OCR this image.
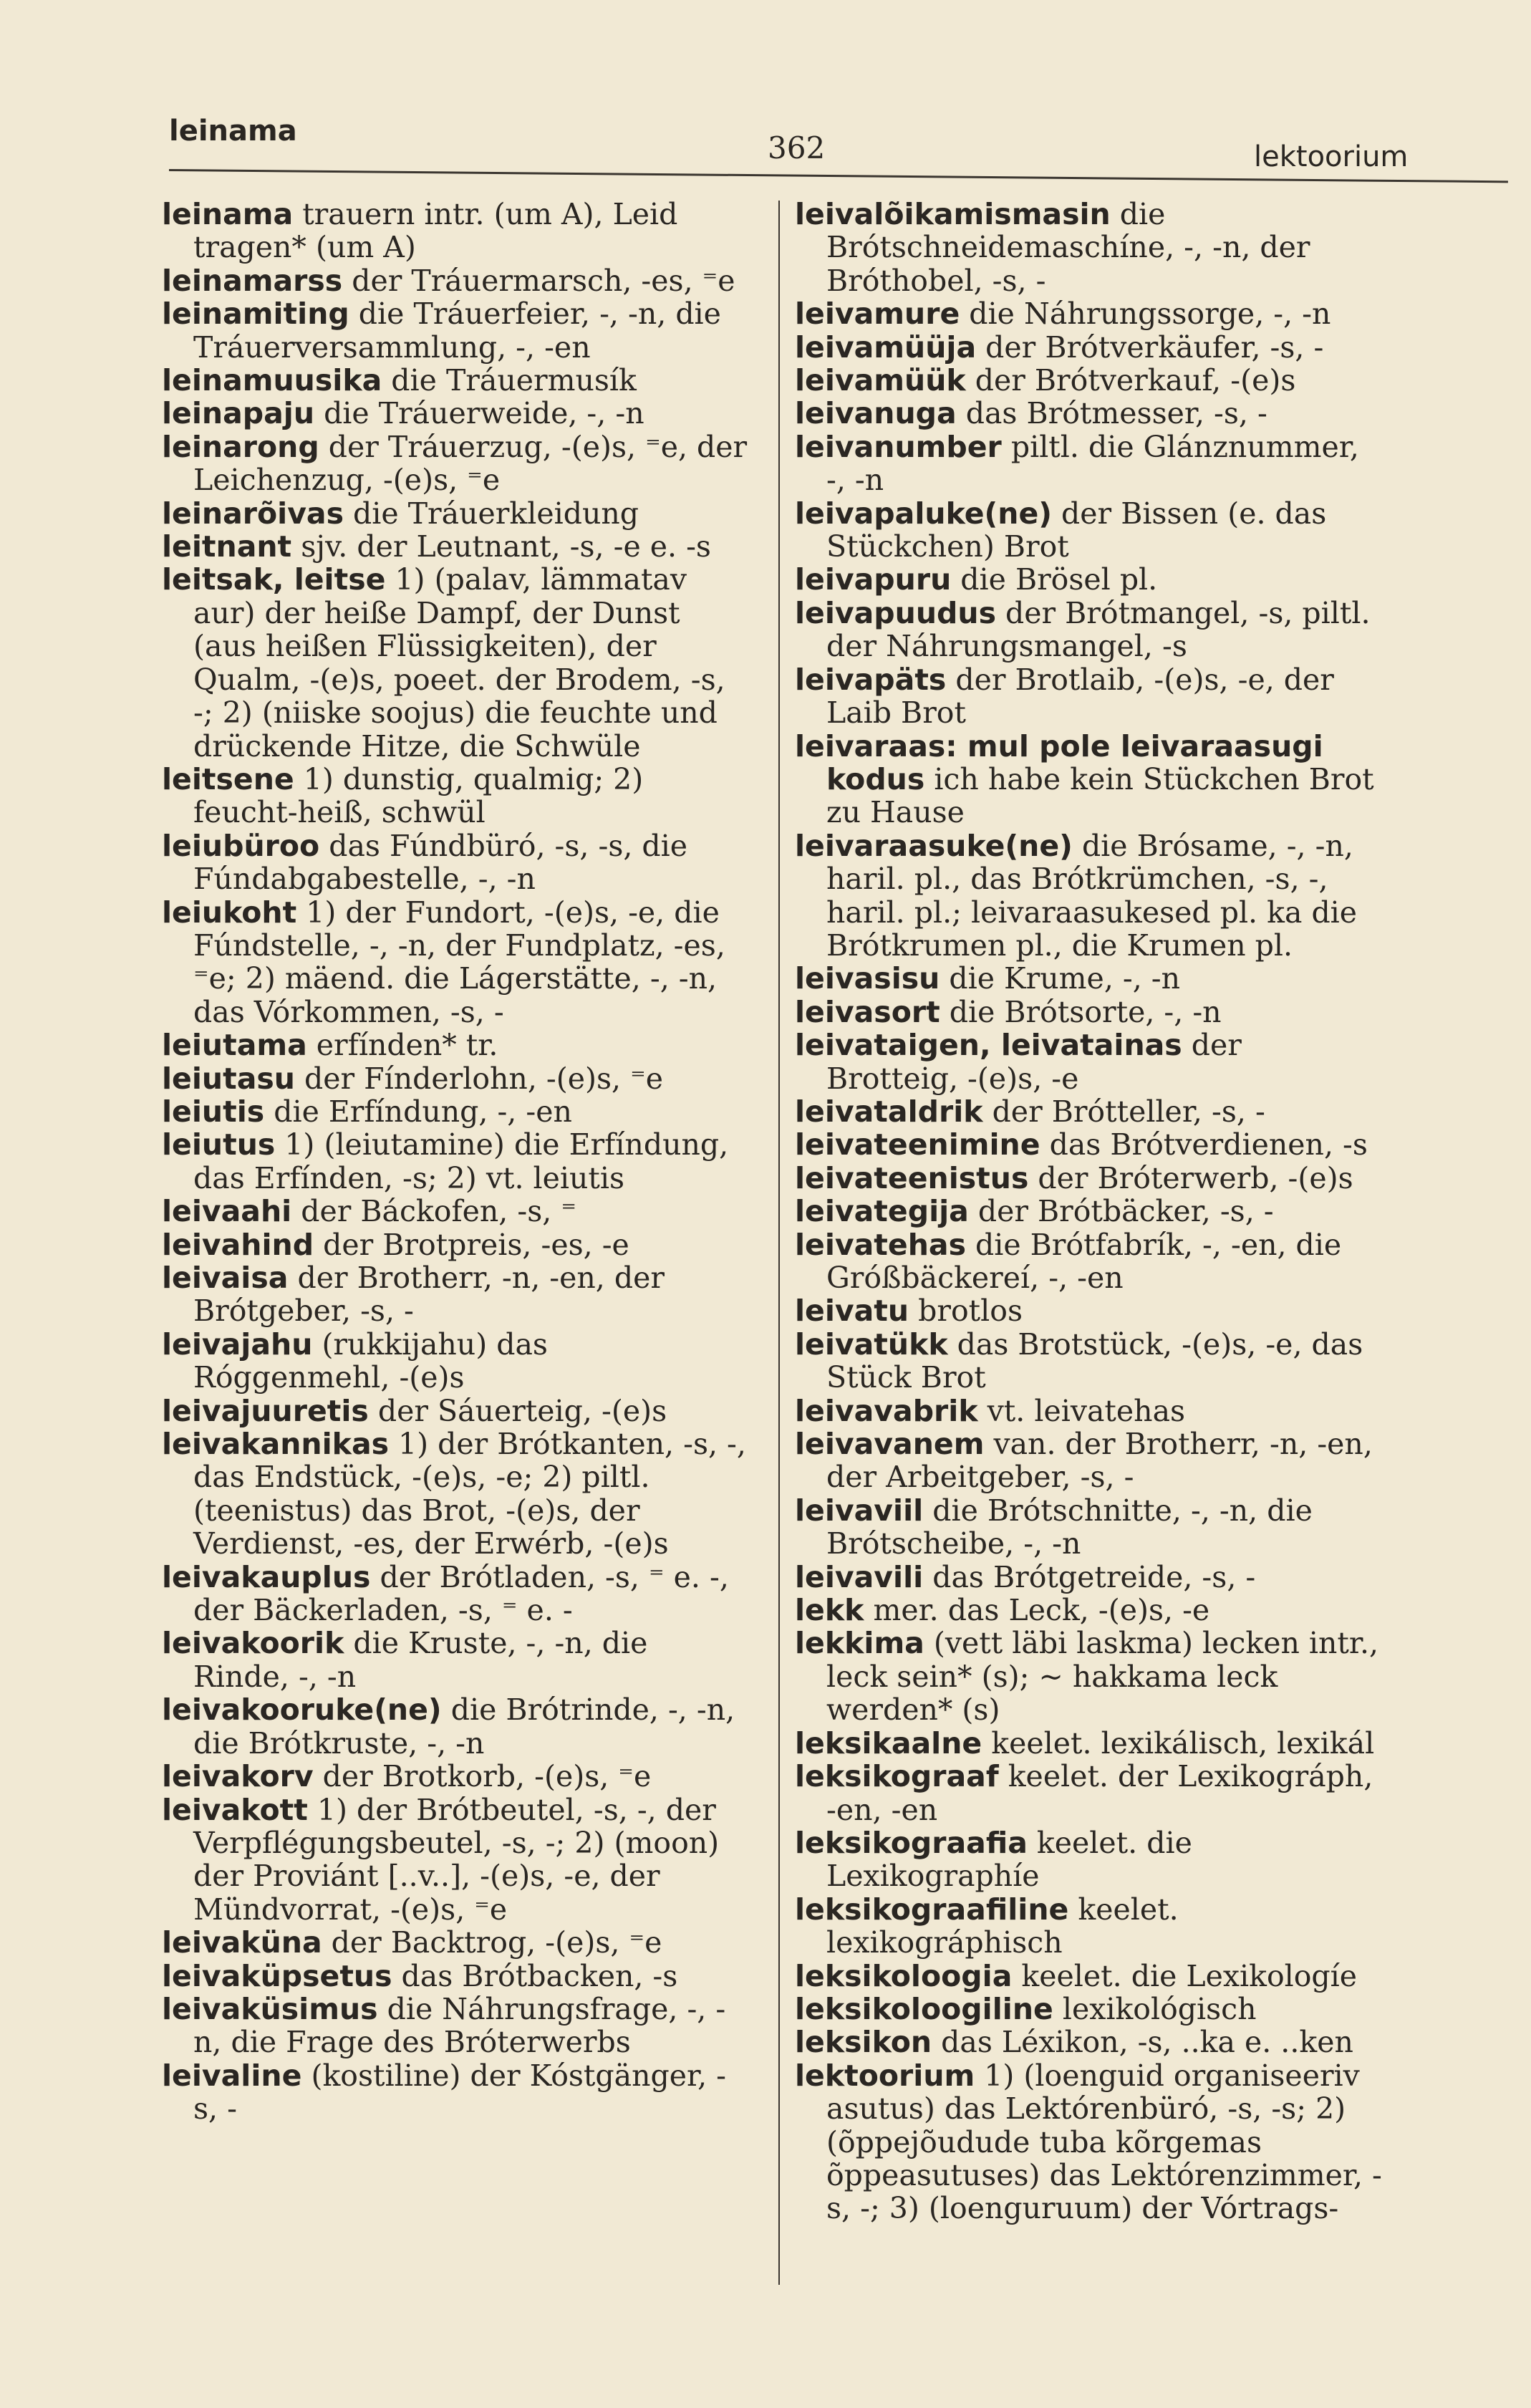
leinama	362	lektoorium

leinama trauern intr. (um A), Leid tragen* (um A)

leinamarss der Tráuermarsch, -es, ⁼e

leinamiting die Tráuerfeier, -, -n, die Tráuerversammlung, -, -en

leinamuusika die Tráuermusík

leinapaju die Tráuerweide, -, -n

leinarong der Tráuerzug, -(e)s, ⁼e, der Leichenzug, -(e)s, ⁼e

leinarõivas die Tráuerkleidung

leitnant sjv. der Leutnant, -s, -e e. -s

leitsak, leitse 1) (palav, lämmatav aur) der heiße Dampf, der Dunst (aus heißen Flüssigkeiten), der Qualm, -(e)s, poeet. der Brodem, -s, -; 2) (niiske soojus) die feuchte und drückende Hitze, die Schwüle

leitsene 1) dunstig, qualmig; 2) feucht-heiß, schwül

leiubüroo das Fúndbüró, -s, -s, die Fúndabgabestelle, -, -n

leiukoht 1) der Fundort, -(e)s, -e, die Fúndstelle, -, -n, der Fundplatz, -es, ⁼e; 2) mäend. die Lágerstätte, -, -n, das Vórkommen, -s, -

leiutama erfínden* tr.

leiutasu der Fínderlohn, -(e)s, ⁼e

leiutis die Erfíndung, -, -en

leiutus 1) (leiutamine) die Erfíndung, das Erfínden, -s; 2) vt. leiutis

leivaahi der Báckofen, -s, ⁼

leivahind der Brotpreis, -es, -e

leivaisa der Brotherr, -n, -en, der Brótgeber, -s, -

leivajahu (rukkijahu) das Róggenmehl, -(e)s

leivajuuretis der Sáuerteig, -(e)s

leivakannikas 1) der Brótkanten, -s, -, das Endstück, -(e)s, -e; 2) piltl. (teenistus) das Brot, -(e)s, der Verdienst, -es, der Erwérb, -(e)s

leivakauplus der Brótladen, -s, ⁼ e. -, der Bäckerladen, -s, ⁼ e. -

leivakoorik die Kruste, -, -n, die Rinde, -, -n

leivakooruke(ne) die Brótrinde, -, -n, die Brótkruste, -, -n

leivakorv der Brotkorb, -(e)s, ⁼e

leivakott 1) der Brótbeutel, -s, -, der Verpflégungsbeutel, -s, -; 2) (moon) der Proviánt [..v..], -(e)s, -e, der Mündvorrat, -(e)s, ⁼e

leivaküna der Backtrog, -(e)s, ⁼e

leivaküpsetus das Brótbacken, -s

leivaküsimus die Náhrungsfrage, -, -n, die Frage des Bróterwerbs

leivaline (kostiline) der Kóstgänger, -s, -

leivalõikamismasin die Brótschneidemaschíne, -, -n, der Bróthobel, -s, -

leivamure die Náhrungssorge, -, -n

leivamüüja der Brótverkäufer, -s, -

leivamüük der Brótverkauf, -(e)s

leivanuga das Brótmesser, -s, -

leivanumber piltl. die Glánznummer, -, -n

leivapaluke(ne) der Bissen (e. das Stückchen) Brot

leivapuru die Brösel pl.

leivapuudus der Brótmangel, -s, piltl. der Náhrungsmangel, -s

leivapäts der Brotlaib, -(e)s, -e, der Laib Brot

leivaraas: mul pole leivaraasugi kodus ich habe kein Stückchen Brot zu Hause

leivaraasuke(ne) die Brósame, -, -n, haril. pl., das Brótkrümchen, -s, -, haril. pl.; leivaraasukesed pl. ka die Brótkrumen pl., die Krumen pl.

leivasisu die Krume, -, -n

leivasort die Brótsorte, -, -n

leivataigen, leivatainas der Brotteig, -(e)s, -e

leivataldrik der Brótteller, -s, -

leivateenimine das Brótverdienen, -s

leivateenistus der Bróterwerb, -(e)s

leivategija der Brótbäcker, -s, -

leivatehas die Brótfabrík, -, -en, die Gróßbäckereí, -, -en

leivatu brotlos

leivatükk das Brotstück, -(e)s, -e, das Stück Brot

leivavabrik vt. leivatehas

leivavanem van. der Brotherr, -n, -en, der Arbeitgeber, -s, -

leivaviil die Brótschnitte, -, -n, die Brótscheibe, -, -n

leivavili das Brótgetreide, -s, -

lekk mer. das Leck, -(e)s, -e

lekkima (vett läbi laskma) lecken intr., leck sein* (s); ~ hakkama leck werden* (s)

leksikaalne keelet. lexikálisch, lexikál

leksikograaf keelet. der Lexikográph, -en, -en

leksikograafia keelet. die Lexikographíe

leksikograafiline keelet. lexikográphisch

leksikoloogia keelet. die Lexikologíe

leksikoloogiline lexikológisch

leksikon das Léxikon, -s, ..ka e. ..ken

lektoorium 1) (loenguid organiseeriv asutus) das Lektórenbüró, -s, -s; 2) (õppejõudude tuba kõrgemas õppeasutuses) das Lektórenzimmer, -s, -; 3) (loenguruum) der Vórtrags-
